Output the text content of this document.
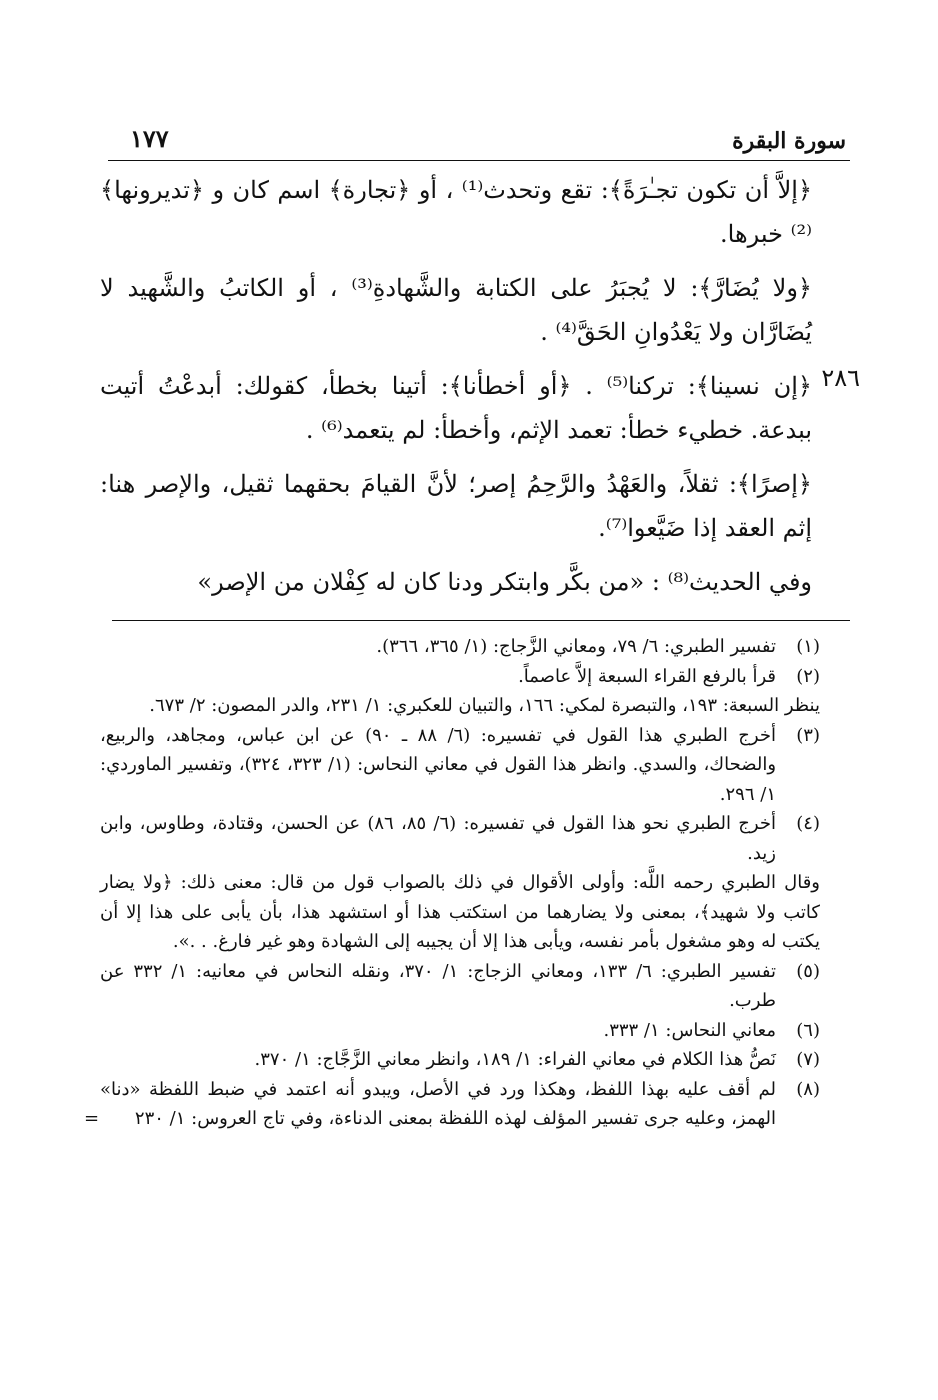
١٧٧	سورة البقرة

﴿إلاَّ أن تكون تجـٰرَةً﴾: تقع وتحدث⁽¹⁾ ، أو ﴿تجارة﴾ اسم كان و ﴿تديرونها﴾⁽²⁾ خبرها.

﴿ولا يُضَارَّ﴾: لا يُجبَرُ على الكتابة والشَّهادةِ⁽³⁾ ، أو الكاتبُ والشَّهيد لا يُضَارَّان ولا يَعْدُوانِ الحَقَّ⁽⁴⁾ .

٢٨٦

﴿إن نسينا﴾: تركنا⁽⁵⁾ . ﴿أو أخطأنا﴾: أتينا بخطأ، كقولك: أبدعْتُ أتيت ببدعة. خطيء خطأ: تعمد الإثم، وأخطأ: لم يتعمد⁽⁶⁾ .

﴿إصرًا﴾: ثقلاً، والعَهْدُ والرَّحِمُ إصر؛ لأنَّ القيامَ بحقهما ثقيل، والإصر هنا: إثم العقد إذا ضَيَّعوا⁽⁷⁾.

وفي الحديث⁽⁸⁾ : «من بكَّر وابتكر ودنا كان له كِفْلان من الإصر»

(١)
تفسير الطبري: ٦/ ٧٩، ومعاني الزَّجاج: (١/ ٣٦٥، ٣٦٦).
(٢)
قرأ بالرفع القراء السبعة إلاَّ عاصماً.
ينظر السبعة: ١٩٣، والتبصرة لمكي: ١٦٦، والتبيان للعكبري: ١/ ٢٣١، والدر المصون: ٢/ ٦٧٣.
(٣)
أخرج الطبري هذا القول في تفسيره: (٦/ ٨٨ ـ ٩٠) عن ابن عباس، ومجاهد، والربيع، والضحاك، والسدي. وانظر هذا القول في معاني النحاس: (١/ ٣٢٣، ٣٢٤)، وتفسير الماوردي: ١/ ٢٩٦.
(٤)
أخرج الطبري نحو هذا القول في تفسيره: (٦/ ٨٥، ٨٦) عن الحسن، وقتادة، وطاوس، وابن زيد.
وقال الطبري رحمه اللَّه: وأولى الأقوال في ذلك بالصواب قول من قال: معنى ذلك: ﴿ولا يضار كاتب ولا شهيد﴾، بمعنى ولا يضارهما من استكتب هذا أو استشهد هذا، بأن يأبى على هذا إلا أن يكتب له وهو مشغول بأمر نفسه، ويأبى هذا إلا أن يجيبه إلى الشهادة وهو غير فارغ. . .».
(٥)
تفسير الطبري: ٦/ ١٣٣، ومعاني الزجاج: ١/ ٣٧٠، ونقله النحاس في معانيه: ١/ ٣٣٢ عن طرب.
(٦)
معاني النحاس: ١/ ٣٣٣.
(٧)
نَصُّ هذا الكلام في معاني الفراء: ١/ ١٨٩، وانظر معاني الزَّجَّاج: ١/ ٣٧٠.
(٨)
لم أقف عليه بهذا اللفظ، وهكذا ورد في الأصل، ويبدو أنه اعتمد في ضبط اللفظة «دنا» الهمز، وعليه جرى تفسير المؤلف لهذه اللفظة بمعنى الدناءة، وفي تاج العروس: ١/ ٢٣٠
=
